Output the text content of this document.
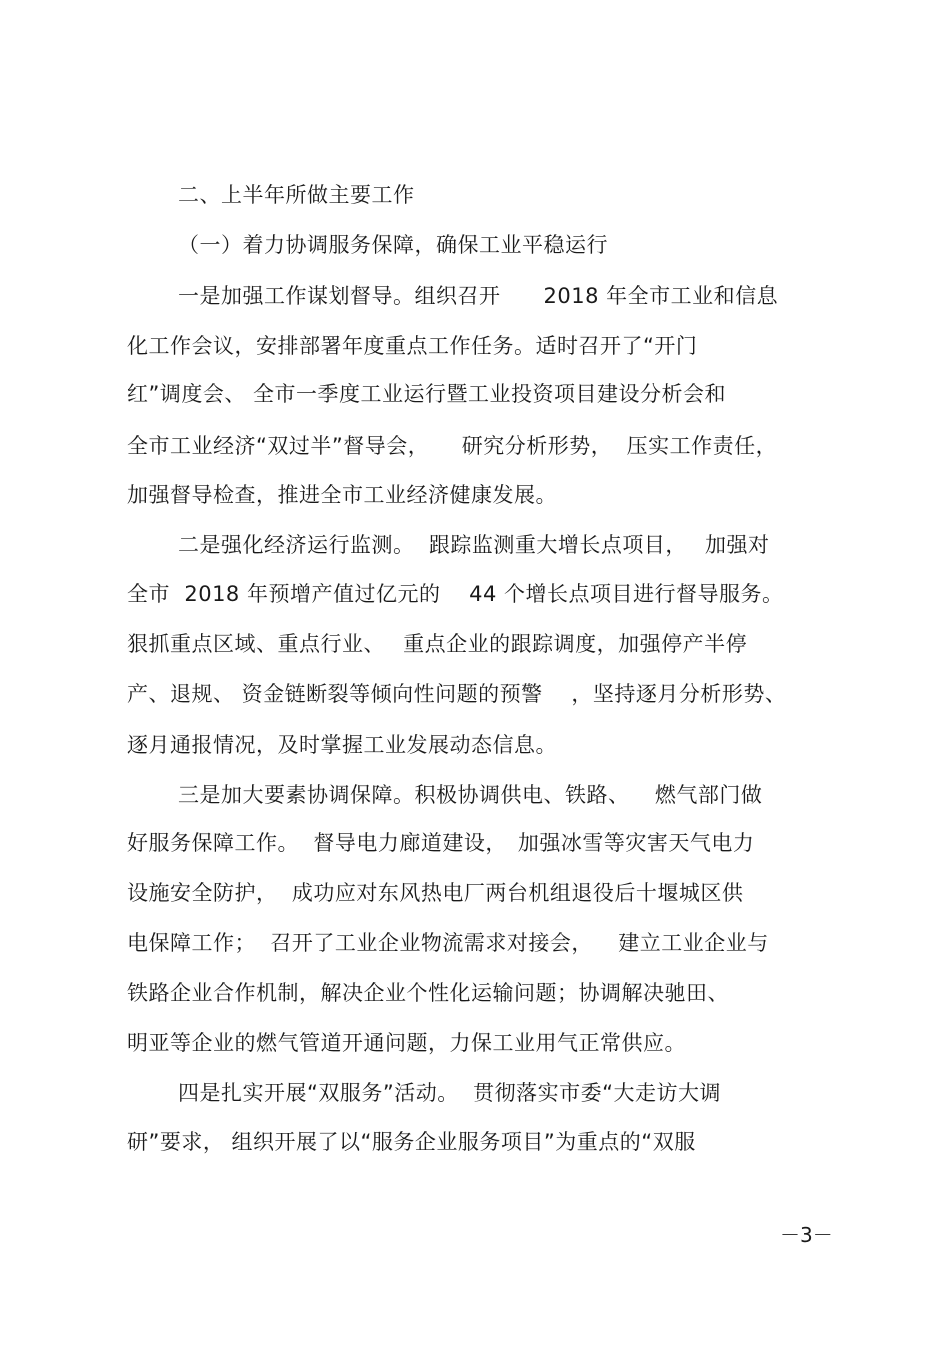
二、上半年所做主要工作
（一）着力协调服务保障，确保工业平稳运行
一是加强工作谋划督导。组织召开　　2018 年全市工业和信息
化工作会议，安排部署年度重点工作任务。适时召开了“开门
红”调度会、 全市一季度工业运行暨工业投资项目建设分析会和
全市工业经济“双过半”督导会，　　研究分析形势，  压实工作责任，
加强督导检查，推进全市工业经济健康发展。
二是强化经济运行监测。  跟踪监测重大增长点项目，　 加强对
全市  2018 年预增产值过亿元的　 44 个增长点项目进行督导服务。
狠抓重点区域、重点行业、　 重点企业的跟踪调度，加强停产半停
产、退规、 资金链断裂等倾向性问题的预警　 ，坚持逐月分析形势、
逐月通报情况，及时掌握工业发展动态信息。
三是加大要素协调保障。积极协调供电、铁路、　  燃气部门做
好服务保障工作。  督导电力廊道建设，　加强冰雪等灾害天气电力
设施安全防护，  成功应对东风热电厂两台机组退役后十堰城区供
电保障工作；  召开了工业企业物流需求对接会，　  建立工业企业与
铁路企业合作机制，解决企业个性化运输问题；协调解决驰田、
明亚等企业的燃气管道开通问题，力保工业用气正常供应。
四是扎实开展“双服务”活动。  贯彻落实市委“大走访大调
研”要求， 组织开展了以“服务企业服务项目”为重点的“双服
－3－
